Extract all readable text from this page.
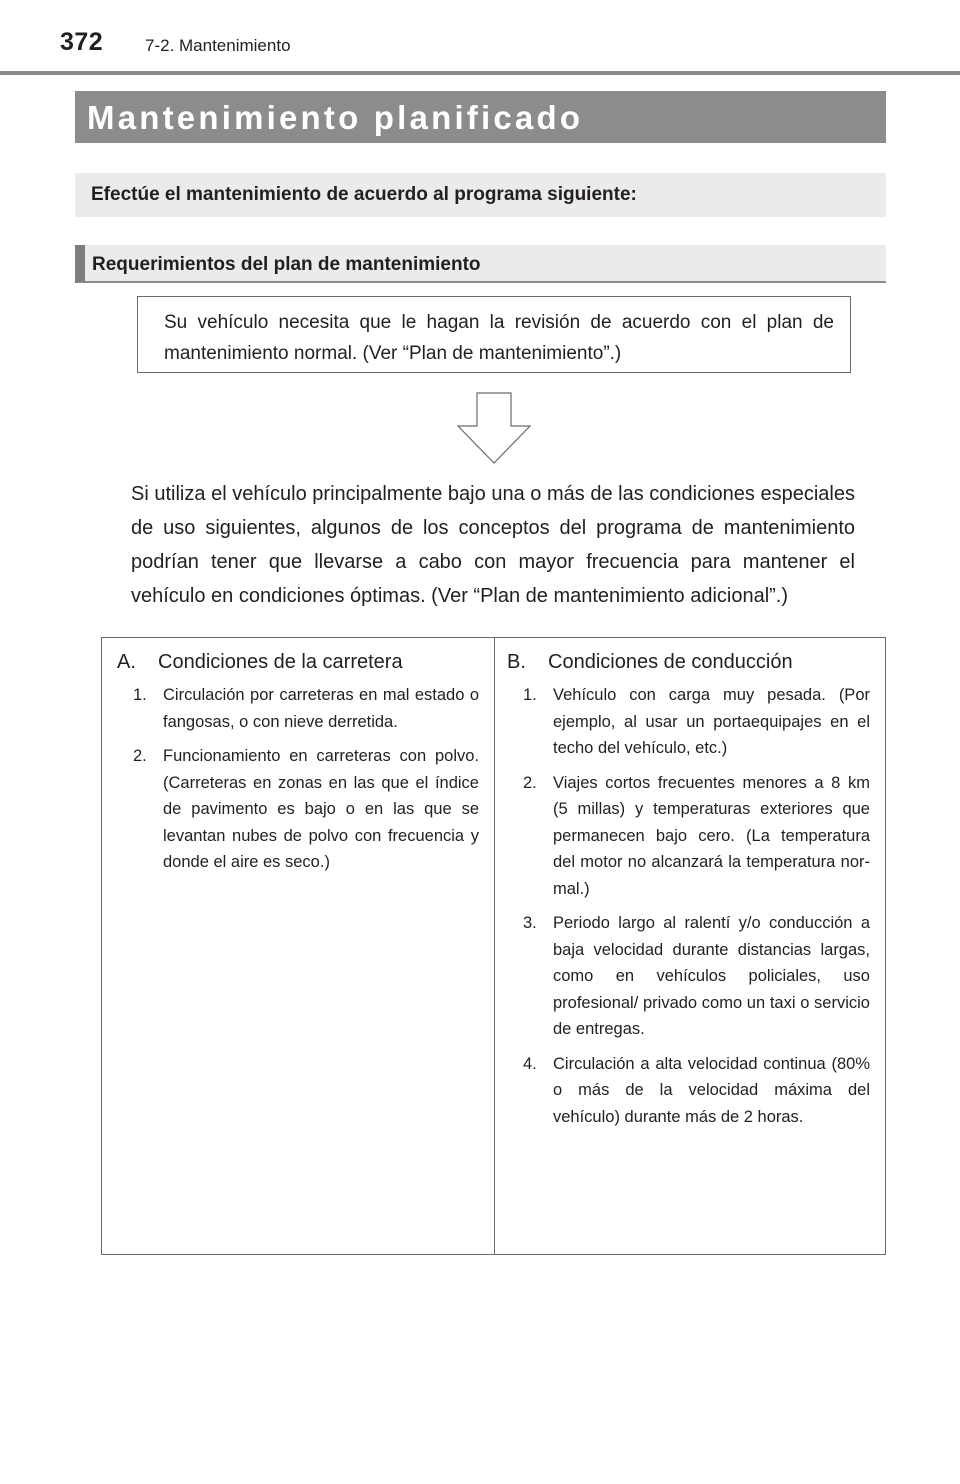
372 7-2. Mantenimiento
Mantenimiento planificado
Efectúe el mantenimiento de acuerdo al programa siguiente:
Requerimientos del plan de mantenimiento
Su vehículo necesita que le hagan la revisión de acuerdo con el plan de mantenimiento normal. (Ver “Plan de mantenimiento”.)
Si utiliza el vehículo principalmente bajo una o más de las condiciones especiales de uso siguientes, algunos de los conceptos del programa de mantenimiento podrían tener que llevarse a cabo con mayor frecuencia para mantener el vehículo en condiciones óptimas. (Ver “Plan de mantenimiento adicional”.)
A. Condiciones de la carretera
1. Circulación por carreteras en mal estado o fangosas, o con nieve derretida.
2. Funcionamiento en carreteras con polvo. (Carreteras en zonas en las que el índice de pavimento es bajo o en las que se levantan nubes de polvo con frecuencia y donde el aire es seco.)
B. Condiciones de conducción
1. Vehículo con carga muy pesada. (Por ejemplo, al usar un portaequipajes en el techo del vehículo, etc.)
2. Viajes cortos frecuentes menores a 8 km (5 millas) y temperaturas exteriores que permanecen bajo cero. (La temperatura del motor no alcanzará la temperatura normal.)
3. Periodo largo al ralentí y/o conducción a baja velocidad durante distancias largas, como en vehículos policiales, uso profesional/ privado como un taxi o servicio de entregas.
4. Circulación a alta velocidad continua (80% o más de la velocidad máxima del vehículo) durante más de 2 horas.
